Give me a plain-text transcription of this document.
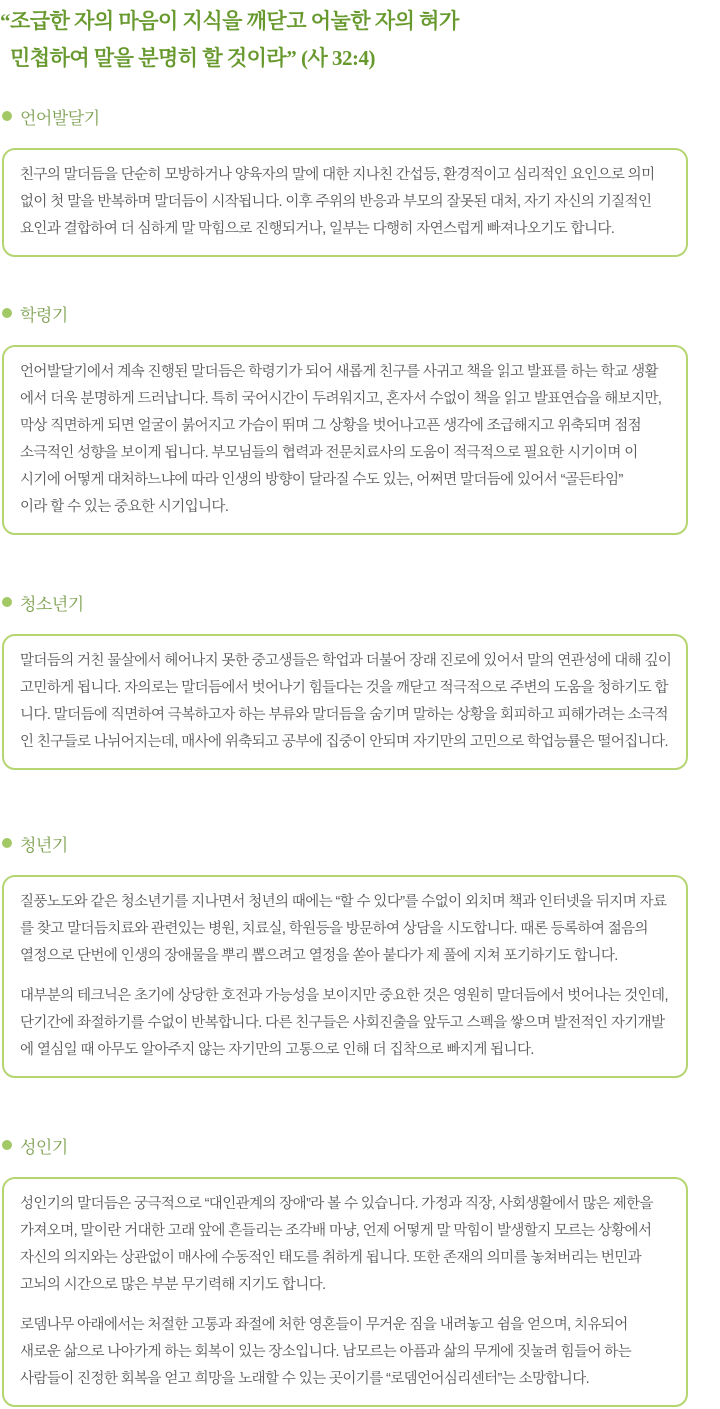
“조급한 자의 마음이 지식을 깨닫고 어눌한 자의 혀가
민첩하여 말을 분명히 할 것이라” (사 32:4)
언어발달기
친구의 말더듬을 단순히 모방하거나 양육자의 말에 대한 지나친 간섭등, 환경적이고 심리적인 요인으로 의미
없이 첫 말을 반복하며 말더듬이 시작됩니다. 이후 주위의 반응과 부모의 잘못된 대처, 자기 자신의 기질적인
요인과 결합하여 더 심하게 말 막힘으로 진행되거나, 일부는 다행히 자연스럽게 빠져나오기도 합니다.
학령기
언어발달기에서 계속 진행된 말더듬은 학령기가 되어 새롭게 친구를 사귀고 책을 읽고 발표를 하는 학교 생활
에서 더욱 분명하게 드러납니다. 특히 국어시간이 두려워지고, 혼자서 수없이 책을 읽고 발표연습을 해보지만,
막상 직면하게 되면 얼굴이 붉어지고 가슴이 뛰며 그 상황을 벗어나고픈 생각에 조급해지고 위축되며 점점
소극적인 성향을 보이게 됩니다. 부모님들의 협력과 전문치료사의 도움이 적극적으로 필요한 시기이며 이
시기에 어떻게 대처하느냐에 따라 인생의 방향이 달라질 수도 있는, 어쩌면 말더듬에 있어서 “골든타임”
이라 할 수 있는 중요한 시기입니다.
청소년기
말더듬의 거친 물살에서 헤어나지 못한 중고생들은 학업과 더불어 장래 진로에 있어서 말의 연관성에 대해 깊이
고민하게 됩니다. 자의로는 말더듬에서 벗어나기 힘들다는 것을 깨닫고 적극적으로 주변의 도움을 청하기도 합
니다. 말더듬에 직면하여 극복하고자 하는 부류와 말더듬을 숨기며 말하는 상황을 회피하고 피해가려는 소극적
인 친구들로 나뉘어지는데, 매사에 위축되고 공부에 집중이 안되며 자기만의 고민으로 학업능률은 떨어집니다.
청년기
질풍노도와 같은 청소년기를 지나면서 청년의 때에는 “할 수 있다”를 수없이 외치며 책과 인터넷을 뒤지며 자료
를 찾고 말더듬치료와 관련있는 병원, 치료실, 학원등을 방문하여 상담을 시도합니다. 때론 등록하여 젊음의
열정으로 단번에 인생의 장애물을 뿌리 뽑으려고 열정을 쏟아 붙다가 제 풀에 지쳐 포기하기도 합니다.
대부분의 테크닉은 초기에 상당한 호전과 가능성을 보이지만 중요한 것은 영원히 말더듬에서 벗어나는 것인데,
단기간에 좌절하기를 수없이 반복합니다. 다른 친구들은 사회진출을 앞두고 스펙을 쌓으며 발전적인 자기개발
에 열심일 때 아무도 알아주지 않는 자기만의 고통으로 인해 더 집착으로 빠지게 됩니다.
성인기
성인기의 말더듬은 궁극적으로 “대인관계의 장애”라 볼 수 있습니다. 가정과 직장, 사회생활에서 많은 제한을
가져오며, 말이란 거대한 고래 앞에 흔들리는 조각배 마냥, 언제 어떻게 말 막힘이 발생할지 모르는 상황에서
자신의 의지와는 상관없이 매사에 수동적인 태도를 취하게 됩니다. 또한 존재의 의미를 놓쳐버리는 번민과
고뇌의 시간으로 많은 부분 무기력해 지기도 합니다.
로뎀나무 아래에서는 처절한 고통과 좌절에 처한 영혼들이 무거운 짐을 내려놓고 쉼을 얻으며, 치유되어
새로운 삶으로 나아가게 하는 회복이 있는 장소입니다. 남모르는 아픔과 삶의 무게에 짓눌려 힘들어 하는
사람들이 진정한 회복을 얻고 희망을 노래할 수 있는 곳이기를 “로뎀언어심리센터”는 소망합니다.
